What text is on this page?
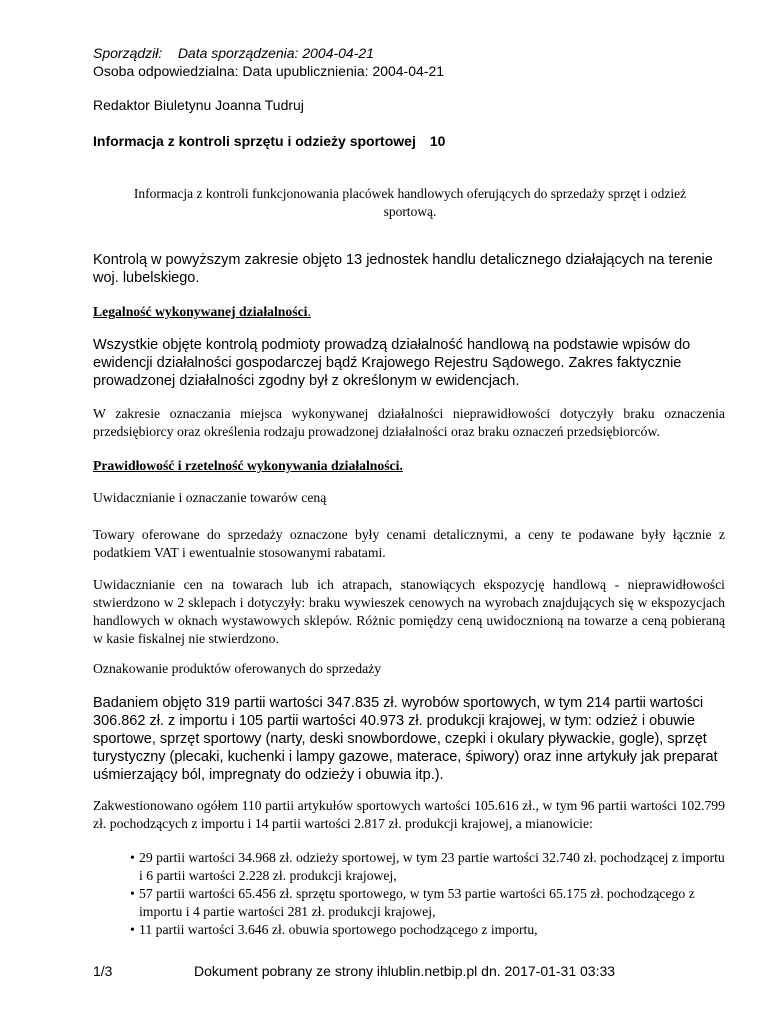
Sporządził:    Data sporządzenia: 2004-04-21
Osoba odpowiedzialna: Data upublicznienia: 2004-04-21
Redaktor Biuletynu Joanna Tudruj
Informacja z kontroli sprzętu i odzieży sportowej 10
Informacja z kontroli funkcjonowania placówek handlowych oferujących do sprzedaży sprzęt i odzież sportową.
Kontrolą w powyższym zakresie objęto 13 jednostek handlu detalicznego działających na terenie woj. lubelskiego.
Legalność wykonywanej działalności.
Wszystkie objęte kontrolą podmioty prowadzą działalność handlową na podstawie wpisów do ewidencji działalności gospodarczej bądź Krajowego Rejestru Sądowego. Zakres faktycznie prowadzonej działalności zgodny był z określonym w ewidencjach.
W zakresie oznaczania miejsca wykonywanej działalności nieprawidłowości dotyczyły braku oznaczenia przedsiębiorcy oraz określenia rodzaju prowadzonej działalności oraz braku oznaczeń przedsiębiorców.
Prawidłowość i rzetelność wykonywania działalności.
Uwidacznianie i oznaczanie towarów ceną
Towary oferowane do sprzedaży oznaczone były cenami detalicznymi, a ceny te podawane były łącznie z podatkiem VAT i ewentualnie stosowanymi rabatami.
Uwidacznianie cen na towarach lub ich atrapach, stanowiących ekspozycję handlową - nieprawidłowości stwierdzono w 2 sklepach i dotyczyły: braku wywieszek cenowych na wyrobach znajdujących się w ekspozycjach handlowych w oknach wystawowych sklepów. Różnic pomiędzy ceną uwidocznioną na towarze a ceną pobieraną w kasie fiskalnej nie stwierdzono.
Oznakowanie produktów oferowanych do sprzedaży
Badaniem objęto 319 partii wartości 347.835 zł. wyrobów sportowych, w tym 214 partii wartości 306.862 zł. z importu i 105 partii wartości 40.973 zł. produkcji krajowej, w tym: odzież i obuwie sportowe, sprzęt sportowy (narty, deski snowbordowe, czepki i okulary pływackie, gogle), sprzęt turystyczny (plecaki, kuchenki i lampy gazowe, materace, śpiwory) oraz inne artykuły jak preparat uśmierzający ból, impregnaty do odzieży i obuwia itp.).
Zakwestionowano ogółem 110 partii artykułów sportowych wartości 105.616 zł., w tym 96 partii wartości 102.799 zł. pochodzących z importu i 14 partii wartości 2.817 zł. produkcji krajowej, a mianowicie:
• 29 partii wartości 34.968 zł. odzieży sportowej, w tym 23 partie wartości 32.740 zł. pochodzącej z importu i 6 partii wartości 2.228 zł. produkcji krajowej,
• 57 partii wartości 65.456 zł. sprzętu sportowego, w tym 53 partie wartości 65.175 zł. pochodzącego z importu i 4 partie wartości 281 zł. produkcji krajowej,
• 11 partii wartości 3.646 zł. obuwia sportowego pochodzącego z importu,
1/3	Dokument pobrany ze strony ihlublin.netbip.pl dn. 2017-01-31 03:33
